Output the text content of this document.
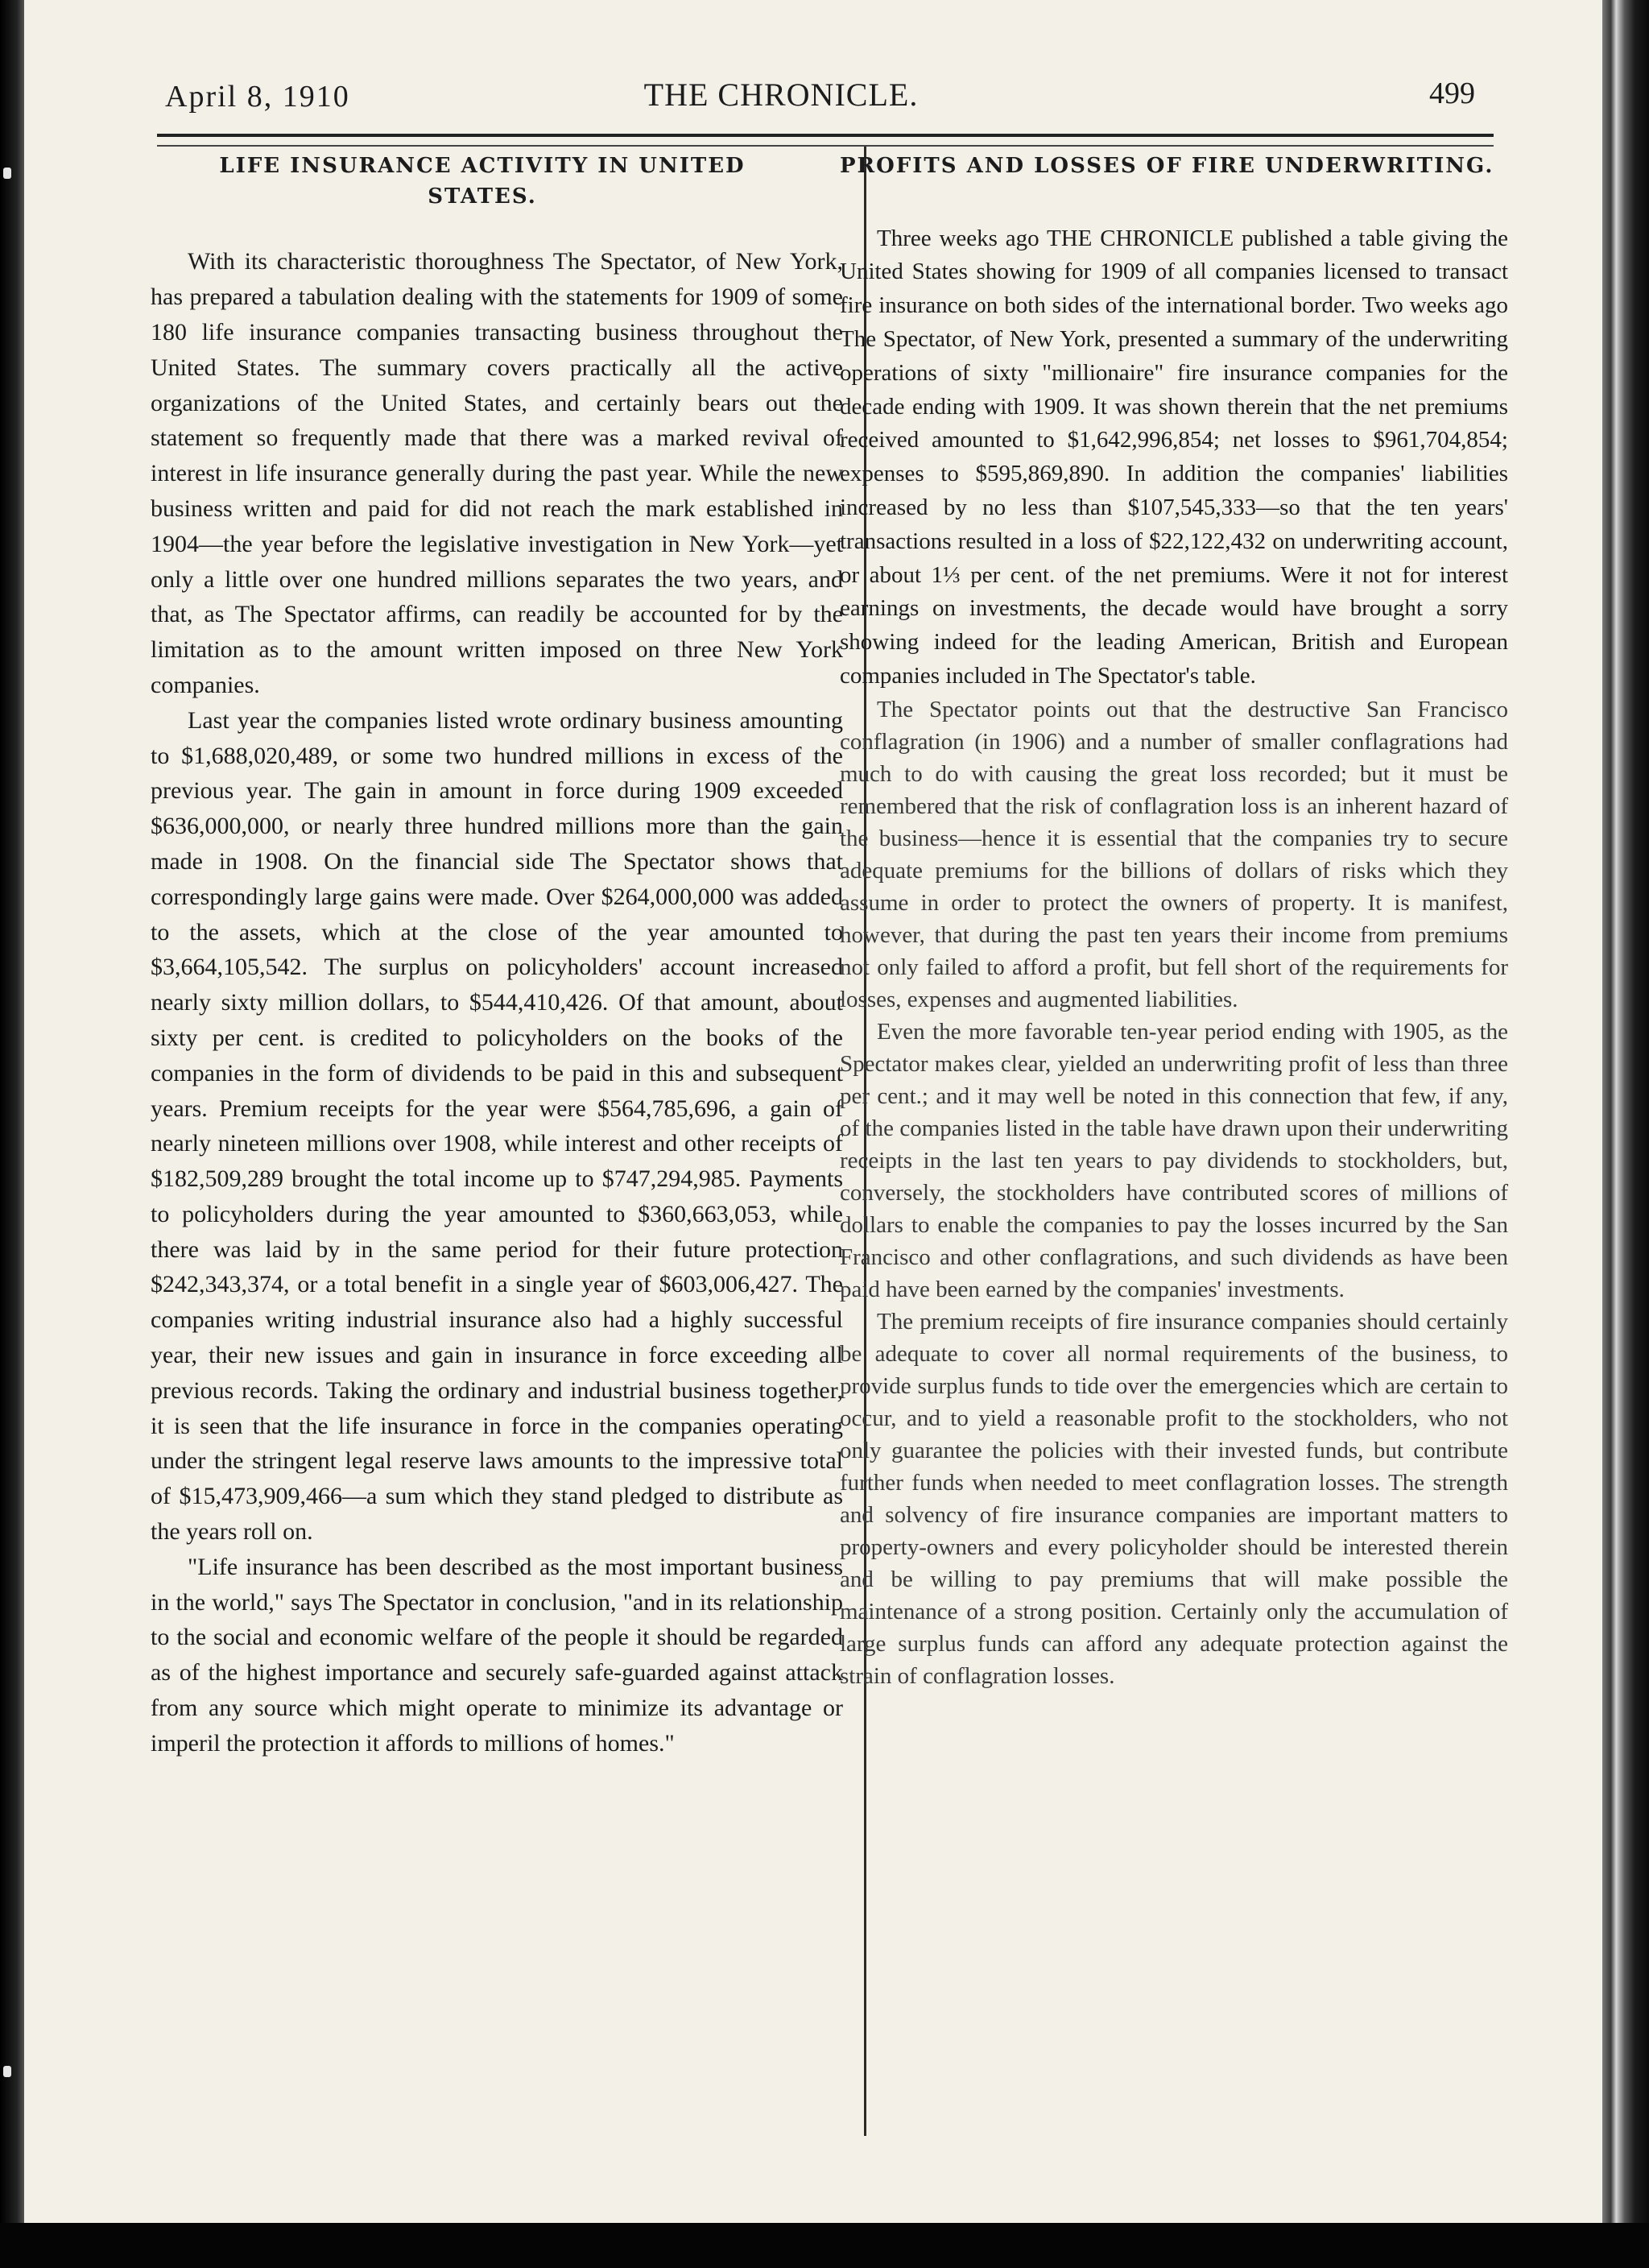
April 8, 1910	THE CHRONICLE.	499
LIFE INSURANCE ACTIVITY IN UNITED STATES.

With its characteristic thoroughness The Spectator, of New York, has prepared a tabulation dealing with the statements for 1909 of some 180 life insurance companies transacting business throughout the United States. The summary covers practically all the active organizations of the United States, and certainly bears out the statement so frequently made that there was a marked revival of interest in life insurance generally during the past year. While the new business written and paid for did not reach the mark established in 1904—the year before the legislative investigation in New York—yet only a little over one hundred millions separates the two years, and that, as The Spectator affirms, can readily be accounted for by the limitation as to the amount written imposed on three New York companies.

Last year the companies listed wrote ordinary business amounting to $1,688,020,489, or some two hundred millions in excess of the previous year. The gain in amount in force during 1909 exceeded $636,000,000, or nearly three hundred millions more than the gain made in 1908. On the financial side The Spectator shows that correspondingly large gains were made. Over $264,000,000 was added to the assets, which at the close of the year amounted to $3,664,105,542. The surplus on policyholders' account increased nearly sixty million dollars, to $544,410,426. Of that amount, about sixty per cent. is credited to policyholders on the books of the companies in the form of dividends to be paid in this and subsequent years. Premium receipts for the year were $564,785,696, a gain of nearly nineteen millions over 1908, while interest and other receipts of $182,509,289 brought the total income up to $747,294,985. Payments to policyholders during the year amounted to $360,663,053, while there was laid by in the same period for their future protection $242,343,374, or a total benefit in a single year of $603,006,427. The companies writing industrial insurance also had a highly successful year, their new issues and gain in insurance in force exceeding all previous records. Taking the ordinary and industrial business together, it is seen that the life insurance in force in the companies operating under the stringent legal reserve laws amounts to the impressive total of $15,473,909,466—a sum which they stand pledged to distribute as the years roll on.

"Life insurance has been described as the most important business in the world," says The Spectator in conclusion, "and in its relationship to the social and economic welfare of the people it should be regarded as of the highest importance and securely safe-guarded against attack from any source which might operate to minimize its advantage or imperil the protection it affords to millions of homes."

PROFITS AND LOSSES OF FIRE UNDERWRITING.

Three weeks ago THE CHRONICLE published a table giving the United States showing for 1909 of all companies licensed to transact fire insurance on both sides of the international border. Two weeks ago The Spectator, of New York, presented a summary of the underwriting operations of sixty "millionaire" fire insurance companies for the decade ending with 1909. It was shown therein that the net premiums received amounted to $1,642,996,854; net losses to $961,704,854; expenses to $595,869,890. In addition the companies' liabilities increased by no less than $107,545,333—so that the ten years' transactions resulted in a loss of $22,122,432 on underwriting account, or about 1⅓ per cent. of the net premiums. Were it not for interest earnings on investments, the decade would have brought a sorry showing indeed for the leading American, British and European companies included in The Spectator's table.

The Spectator points out that the destructive San Francisco conflagration (in 1906) and a number of smaller conflagrations had much to do with causing the great loss recorded; but it must be remembered that the risk of conflagration loss is an inherent hazard of the business—hence it is essential that the companies try to secure adequate premiums for the billions of dollars of risks which they assume in order to protect the owners of property. It is manifest, however, that during the past ten years their income from premiums not only failed to afford a profit, but fell short of the requirements for losses, expenses and augmented liabilities.

Even the more favorable ten-year period ending with 1905, as the Spectator makes clear, yielded an underwriting profit of less than three per cent.; and it may well be noted in this connection that few, if any, of the companies listed in the table have drawn upon their underwriting receipts in the last ten years to pay dividends to stockholders, but, conversely, the stockholders have contributed scores of millions of dollars to enable the companies to pay the losses incurred by the San Francisco and other conflagrations, and such dividends as have been paid have been earned by the companies' investments.

The premium receipts of fire insurance companies should certainly be adequate to cover all normal requirements of the business, to provide surplus funds to tide over the emergencies which are certain to occur, and to yield a reasonable profit to the stockholders, who not only guarantee the policies with their invested funds, but contribute further funds when needed to meet conflagration losses. The strength and solvency of fire insurance companies are important matters to property-owners and every policyholder should be interested therein and be willing to pay premiums that will make possible the maintenance of a strong position. Certainly only the accumulation of large surplus funds can afford any adequate protection against the strain of conflagration losses.
